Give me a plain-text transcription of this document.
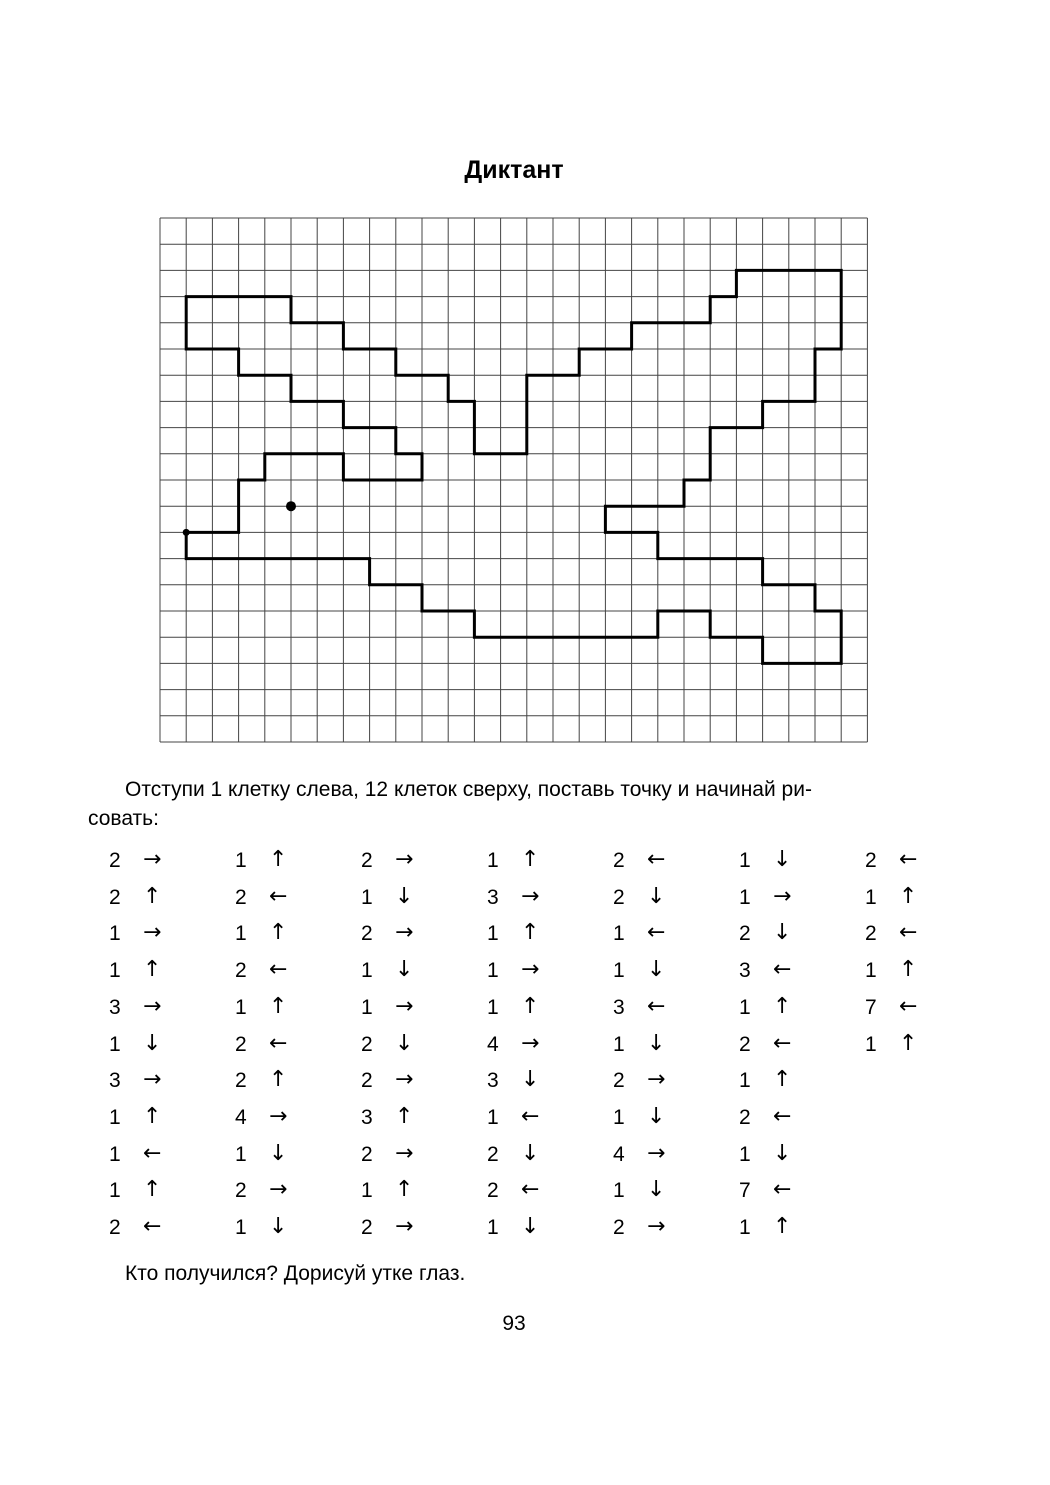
Диктант
Отступи 1 клетку слева, 12 клеток сверху, поставь точку и начинай ри-
совать:
2 →
2 ↑
1 →
1 ↑
3 →
1 ↓
3 →
1 ↑
1 ←
1 ↑
2 ←
1 ↑
2 ←
1 ↑
2 ←
1 ↑
2 ←
2 ↑
4 →
1 ↓
2 →
1 ↓
2 →
1 ↓
2 →
1 ↓
1 →
2 ↓
2 →
3 ↑
2 →
1 ↑
2 →
1 ↑
3 →
1 ↑
1 →
1 ↑
4 →
3 ↓
1 ←
2 ↓
2 ←
1 ↓
2 ←
2 ↓
1 ←
1 ↓
3 ←
1 ↓
2 →
1 ↓
4 →
1 ↓
2 →
1 ↓
1 →
2 ↓
3 ←
1 ↑
2 ←
1 ↑
2 ←
1 ↓
7 ←
1 ↑
2 ←
1 ↑
2 ←
1 ↑
7 ←
1 ↑
Кто получился? Дорисуй утке глаз.
93
